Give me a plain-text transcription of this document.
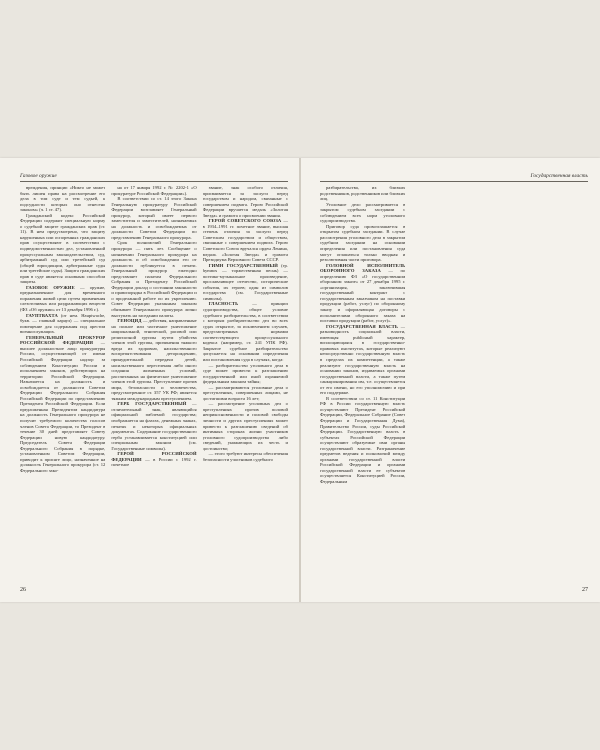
Газовое оружие

вреждения, принцип «Никто не может быть лишен права на рассмотрение его дела в том суде и тем судьей, к подсудности которых оно отнесено законом» (ч. 1 ст. 47).

Гражданский кодекс Российской Федерации содержит специальную норму о судебной защите гражданских прав (ст. 11). В нем предусмотрено, что защиту нарушенных или оспоренных гражданских прав осуществляют в соответствии с подведомственностью дел, установленной процессуальным законодательством, суд, арбитражный суд или третейский суд (общей юрисдикции, арбитражные суды или третейские суды). Защита гражданских прав в суде является основным способом защиты.

ГАЗОВОЕ ОРУЖИЕ — оружие, предназначенное для временного поражения живой цели путем применения слезоточивых или раздражающих веществ (ФЗ «Об оружии» от 13 декабря 1996 г.).

ГАУПТВАХТА (от нем. Hauptwache, букв. — главный караул) — специальное помещение для содержания под арестом военнослужащих.

ГЕНЕРАЛЬНЫЙ ПРОКУРОР РОССИЙСКОЙ ФЕДЕРАЦИИ — высшее должностное лицо прокуратуры России, осуществляющей от имени Российской Федерации надзор за соблюдением Конституции России и исполнением законов, действующих на территории Российской Федерации. Назначается на должность и освобождается от должности Советом Федерации Федерального Собрания Российской Федерации по представлению Президента Российской Федерации. Если предложенная Президентом кандидатура на должность Генерального прокурора не получит требуемого количества голосов членов Совета Федерации, то Президент в течение 30 дней представляет Совету Федерации новую кандидатуру. Председатель Совета Федерации Федерального Собрания в порядке, установленном Советом Федерации, приводит к присяге лицо, назначенное на должность Генерального прокурора (ст. 12 Федерального зако-

на от 17 января 1992 г. № 2202-1 «О прокуратуре Российской Федерации»).

В соответствии со ст. 14 этого Закона Генеральную прокуратуру Российской Федерации возглавляет Генеральный прокурор, который имеет первого заместителя и заместителей, назначаемых на должность и освобождаемых от должности Советом Федерации по представлению Генерального прокурора.

Срок полномочий Генерального прокурора — пять лет. Сообщение о назначении Генерального прокурора на должность и об освобождении его от должности публикуется в печати. Генеральный прокурор ежегодно представляет палатам Федерального Собрания и Президенту Российской Федерации доклад о состоянии законности и правопорядка в Российской Федерации и о проделанной работе по их укреплению. Совет Федерации указанным законом обязывает Генерального прокурора лично выступать на заседании палаты.

ГЕНОЦИД — действия, направленные на полное или частичное уничтожение национальной, этнической, расовой или религиозной группы путем убийства членов этой группы, причинения тяжкого вреда их здоровью, насильственного воспрепятствования деторождению, принудительной передачи детей, насильственного переселения либо иного создания жизненных условий, рассчитанных на физическое уничтожение членов этой группы. Преступление против мира, безопасности и человечества, предусмотренное ст. 357 УК РФ; является тяжким международным преступлением.

ГЕРБ ГОСУДАРСТВЕННЫЙ — отличительный знак, являющийся официальной эмблемой государства; изображается на флагах, денежных знаках, печатях и некоторых официальных документах. Содержание государственного герба устанавливается конституцией или специальным законом (см. Государственные символы).

ГЕРОЙ РОССИЙСКОЙ ФЕДЕРАЦИИ — в России с 1992 г. почетное

звание, знак особого отличия, присваивается за заслуги перед государством и народом, связанные с совершением подвига. Герою Российской Федерации вручается медаль «Золотая Звезда» и грамота о присвоении звания.

ГЕРОЙ СОВЕТСКОГО СОЮЗА — в 1934–1991 гг. почетное звание, высшая степень отличия за заслуги перед Советским государством и обществом, связанные с совершением подвига. Герою Советского Союза вручался орден Ленина, медаль «Золотая Звезда» и грамота Президиума Верховного Совета СССР.

ГИМН ГОСУДАРСТВЕННЫЙ (гр. hymnos — торжественная песнь) — поэтико-музыкальное произведение, прославляющее отечество, исторические события, их героев; один из символов государства (см. Государственные символы).

ГЛАСНОСТЬ — принцип судопроизводства, общее условие судебного разбирательства, в соответствии с которым разбирательство дел во всех судах открытое, за исключением случаев, предусмотренных нормами соответствующего процессуального кодекса (например, ст. 241 УПК РФ). Закрытое судебное разбирательство допускается на основании определения или постановления суда в случаях, когда:

— разбирательство уголовного дела в суде может привести к разглашению государственной или иной охраняемой федеральным законом тайны;

— рассматриваются уголовные дела о преступлениях, совершенных лицами, не достигшими возраста 16 лет;

— рассмотрение уголовных дел о преступлениях против половой неприкосновенности и половой свободы личности и других преступлениях может привести к разглашению сведений об интимных сторонах жизни участников уголовного судопроизводства либо сведений, унижающих их честь и достоинство;

— этого требуют интересы обеспечения безопасности участников судебного

26
Государственная власть

разбирательства, их близких родственников, родственников или близких лиц.

Уголовное дело рассматривается в закрытом судебном заседании с соблюдением всех норм уголовного судопроизводства.

Приговор суда провозглашается в открытом судебном заседании. В случае рассмотрения уголовного дела в закрытом судебном заседании на основании определения или постановления суда могут оглашаться только вводная и резолютивная части приговора.

ГОЛОВНОЙ ИСПОЛНИТЕЛЬ ОБОРОННОГО ЗАКАЗА — по определению ФЗ «О государственном оборонном заказе» от 27 декабря 1995 г. «организация, заключившая государственный контракт с государственным заказчиком на поставки продукции (работ, услуг) по оборонному заказу и оформляющая договоры с исполнителями оборонного заказа на поставки продукции (работ, услуг)».

ГОСУДАРСТВЕННАЯ ВЛАСТЬ — разновидность социальной власти, имеющая publicный характер, воплощающаяся в государственно-правовых институтах, которые реализуют непосредственно государственную власть в пределах их компетенции, а также реализуют государственную власть на основании законов, издаваемых органами государственной власти, а также путем санкционирования им, т.е. осуществляется от его имени, но его уполномочию и при его поддержке.

В соответствии со ст. 11 Конституции РФ в России государственную власть осуществляют Президент Российской Федерации, Федеральное Собрание (Совет Федерации и Государственная Дума), Правительство России, суды Российской Федерации. Государственную власть в субъектах Российской Федерации осуществляют образуемые ими органы государственной власти. Разграничение предметов ведения и полномочий между органами государственной власти Российской Федерации и органами государственной власти ее субъектов осуществляется Конституцией России, Федеральным

27
